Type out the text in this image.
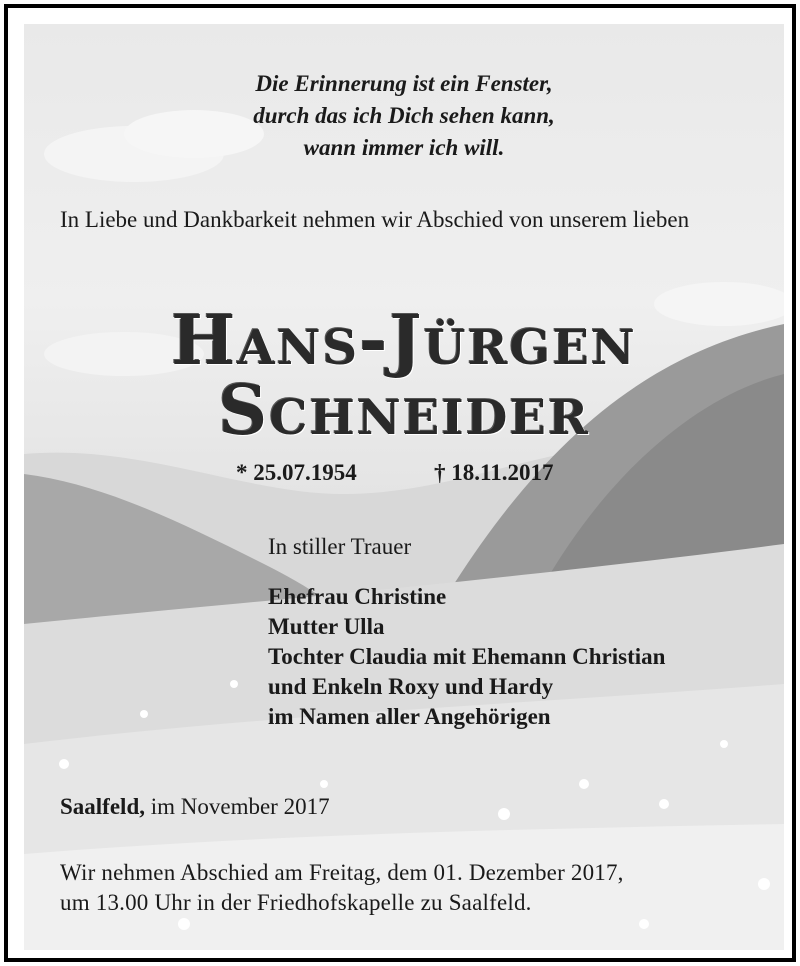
Die Erinnerung ist ein Fenster,
durch das ich Dich sehen kann,
wann immer ich will.
In Liebe und Dankbarkeit nehmen wir Abschied von unserem lieben
Hans-Jürgen
Schneider
* 25.07.1954	† 18.11.2017
In stiller Trauer
Ehefrau Christine
Mutter Ulla
Tochter Claudia mit Ehemann Christian
und Enkeln Roxy und Hardy
im Namen aller Angehörigen
Saalfeld, im November 2017
Wir nehmen Abschied am Freitag, dem 01. Dezember 2017,
um 13.00 Uhr in der Friedhofskapelle zu Saalfeld.
